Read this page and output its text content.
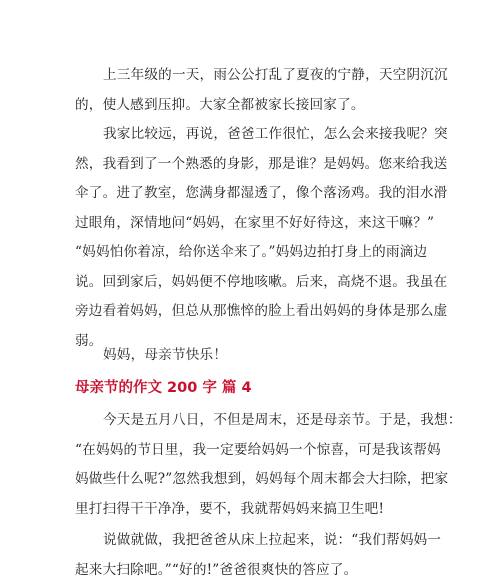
上三年级的一天，雨公公打乱了夏夜的宁静，天空阴沉沉
的，使人感到压抑。大家全都被家长接回家了。

我家比较远，再说，爸爸工作很忙，怎么会来接我呢？突
然，我看到了一个熟悉的身影，那是谁？是妈妈。您来给我送
伞了。进了教室，您满身都湿透了，像个落汤鸡。我的泪水滑
过眼角，深情地问“妈妈，在家里不好好待这，来这干嘛？”
“妈妈怕你着凉，给你送伞来了。”妈妈边拍打身上的雨滴边
说。回到家后，妈妈便不停地咳嗽。后来，高烧不退。我虽在
旁边看着妈妈，但总从那憔悴的脸上看出妈妈的身体是那么虚
弱。

妈妈，母亲节快乐！

母亲节的作文 200 字 篇 4

今天是五月八日，不但是周末，还是母亲节。于是，我想：
“在妈妈的节日里，我一定要给妈妈一个惊喜，可是我该帮妈
妈做些什么呢?”忽然我想到，妈妈每个周末都会大扫除，把家
里打扫得干干净净，要不，我就帮妈妈来搞卫生吧!

说做就做，我把爸爸从床上拉起来，说：“我们帮妈妈一
起来大扫除吧。”“好的!”爸爸很爽快的答应了。
